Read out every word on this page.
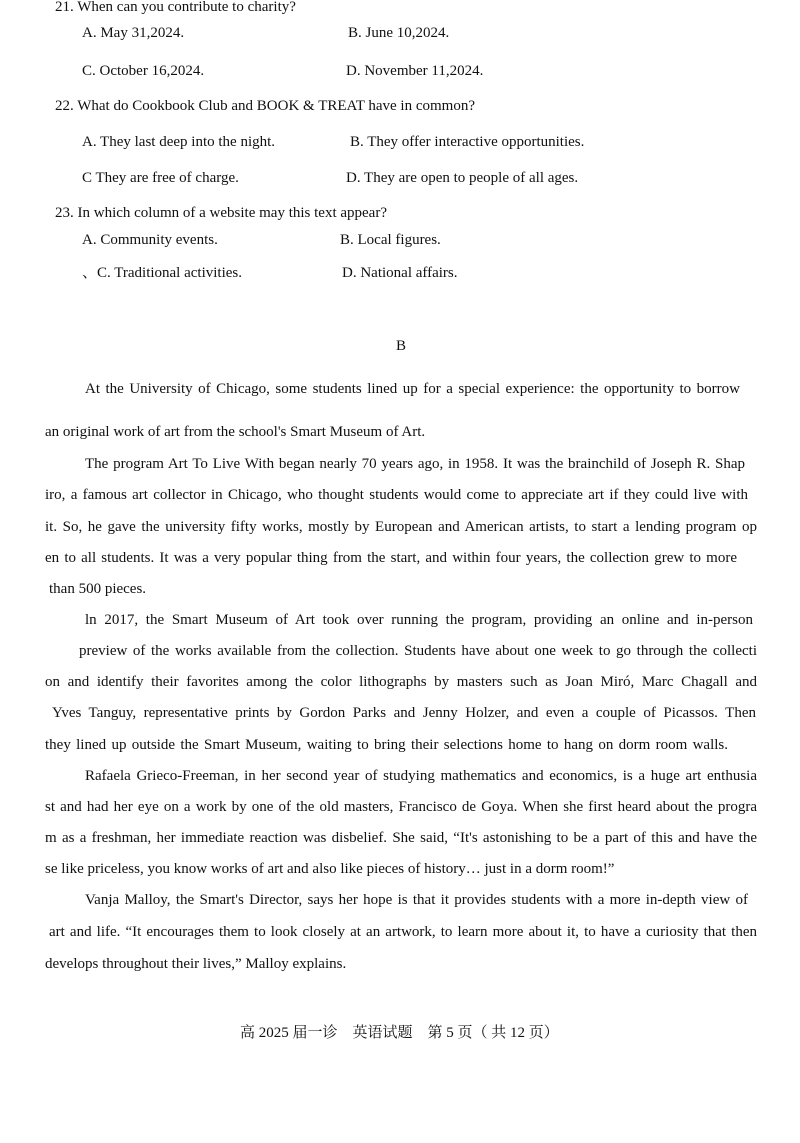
21. When can you contribute to charity?
A. May 31,2024.	B. June 10,2024.
C. October 16,2024.	D. November 11,2024.
22. What do Cookbook Club and BOOK & TREAT have in common?
A. They last deep into the night.	B. They offer interactive opportunities.
C They are free of charge.	D. They are open to people of all ages.
23. In which column of a website may this text appear?
A. Community events.	B. Local figures.
、C. Traditional activities.	D. National affairs.
B
At the University of Chicago, some students lined up for a special experience: the opportunity to borrow
an original work of art from the school's Smart Museum of Art.
The program Art To Live With began nearly 70 years ago, in 1958. It was the brainchild of Joseph R. Shap
iro, a famous art collector in Chicago, who thought students would come to appreciate art if they could live with
it. So, he gave the university fifty works, mostly by European and American artists, to start a lending program op
en to all students. It was a very popular thing from the start, and within four years, the collection grew to more
than 500 pieces.
ln 2017, the Smart Museum of Art took over running the program, providing an online and in-person
preview of the works available from the collection. Students have about one week to go through the collecti
on and identify their favorites among the color lithographs by masters such as Joan Miró, Marc Chagall and
Yves Tanguy, representative prints by Gordon Parks and Jenny Holzer, and even a couple of Picassos. Then
they lined up outside the Smart Museum, waiting to bring their selections home to hang on dorm room walls.
Rafaela Grieco-Freeman, in her second year of studying mathematics and economics, is a huge art enthusia
st and had her eye on a work by one of the old masters, Francisco de Goya. When she first heard about the progra
m as a freshman, her immediate reaction was disbelief. She said, “It's astonishing to be a part of this and have the
se like priceless, you know works of art and also like pieces of history… just in a dorm room!”
Vanja Malloy, the Smart's Director, says her hope is that it provides students with a more in-depth view of
art and life. “It encourages them to look closely at an artwork, to learn more about it, to have a curiosity that then
develops throughout their lives,” Malloy explains.
高 2025 届一诊　英语试题　第 5 页（ 共 12 页）
